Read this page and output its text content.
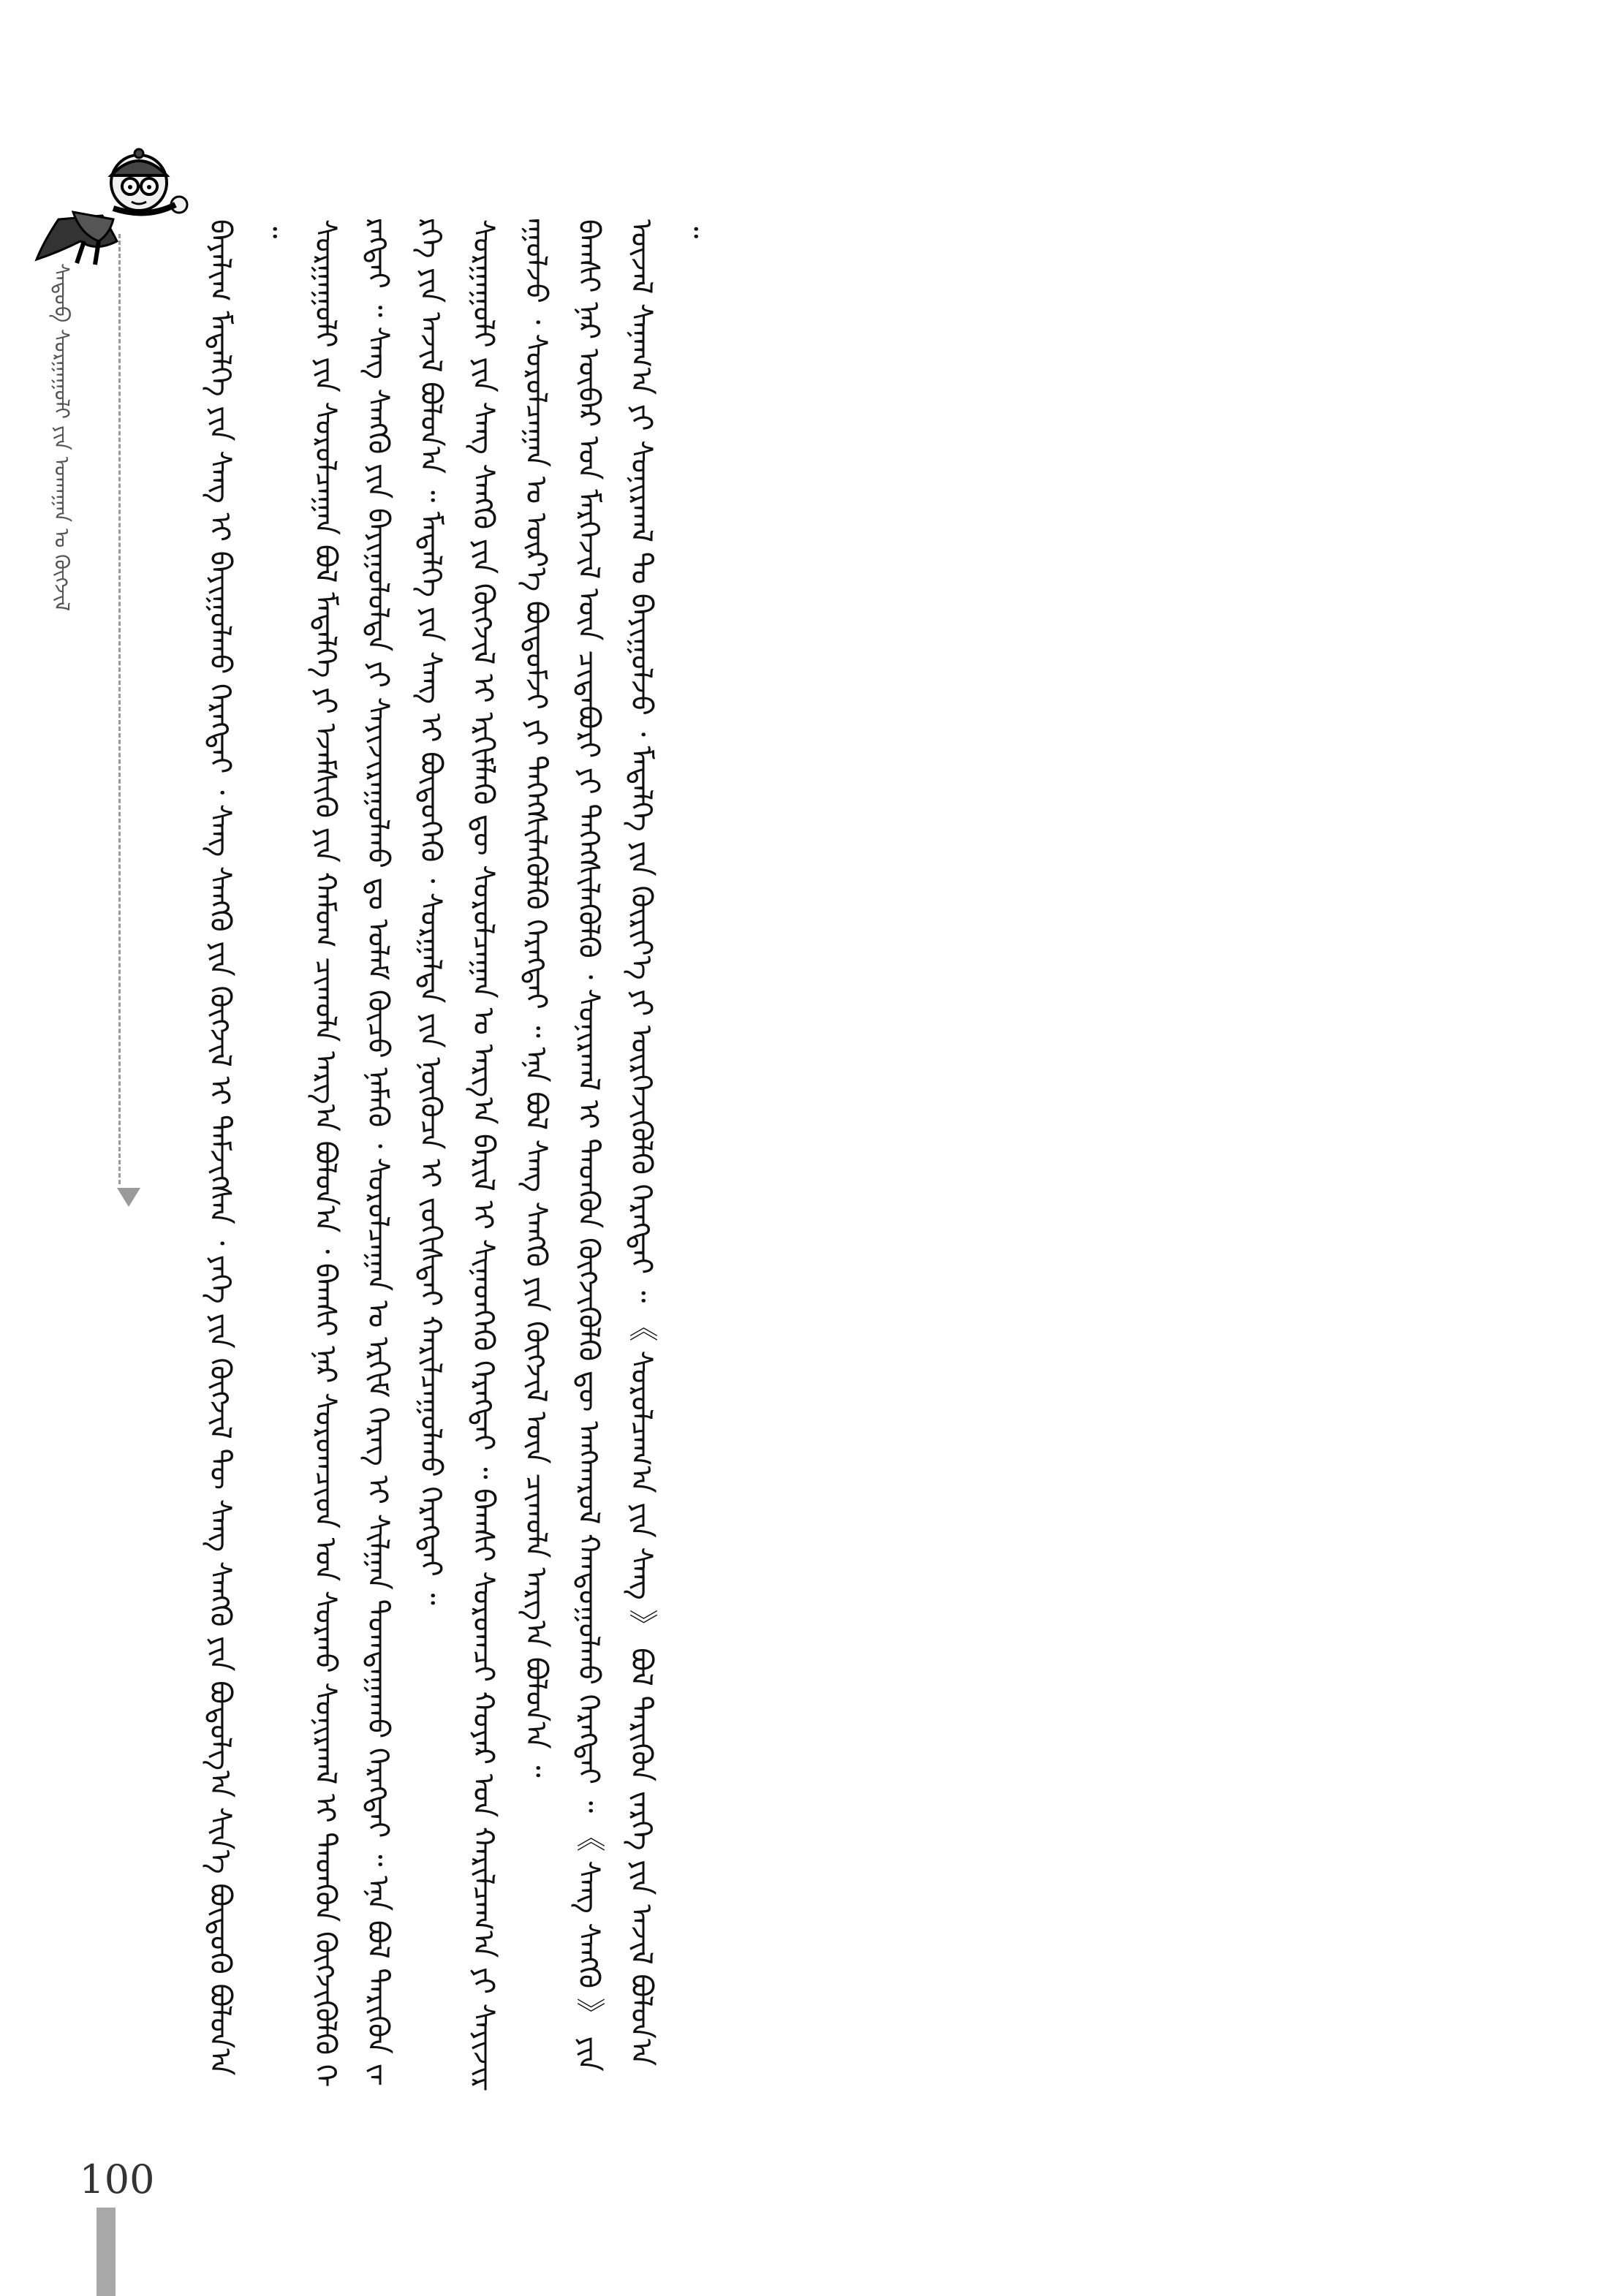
100
ᠰᠡᠳᠦᠪ ᠰᠤᠷᠭᠠᠭᠤᠯᠢ ᠶᠢᠨ ᠤᠬᠠᠭᠠᠨ ᠤ ᠬᠥᠭᠵᠢᠯ	ᠪᠠᠶᠠᠯᠢᠭ ᠮᠡᠳᠡᠯᠭᠡ ᠶᠢᠨ ᠰᠠᠩ ᠢ ᠪᠠᠶᠢᠭᠤᠯᠬᠤ ᠬᠡᠷᠡᠭᠲᠡᠢ ᠂ ᠰᠠᠩ ᠰᠠᠩᠬᠦ ᠶᠢᠨ ᠬᠥᠭᠵᠢᠯ ᠢ ᠳᠡᠮᠵᠢᠭᠰᠡᠨ ᠂ ᠶᠡᠬᠡ ᠶᠢᠨ ᠬᠥᠭᠵᠢᠯ ᠲᠦ ᠰᠠᠩ ᠰᠠᠩᠬᠦ ᠶᠢᠨ ᠪᠤᠳᠤᠯᠭ᠎ᠠ ᠰᠢᠨ᠎ᠡ ᠪᠦᠲᠦᠬᠦ ᠪᠣᠯᠤᠨ᠎ᠠ ᠃ ᠰᠤᠷᠭᠠᠭᠤᠯᠢ ᠶᠢᠨ ᠰᠤᠷᠤᠯᠴᠠᠭᠠᠨ ᠪᠣᠯ ᠮᠡᠳᠡᠯᠭᠡ ᠶᠢ ᠡᠵᠡᠮᠰᠢᠬᠦ ᠶᠢᠨ ᠬᠠᠮᠤᠭ ᠴᠢᠬᠤᠯᠠ ᠠᠷᠭ᠎ᠠ ᠪᠣᠯᠤᠨ᠎ᠠ ᠂ ᠪᠠᠭᠰᠢ ᠨᠠᠷ ᠰᠤᠷᠤᠭᠴᠢᠳ ᠤᠨ ᠰᠤᠷᠬᠤ ᠰᠣᠨᠢᠷᠬᠠᠯ ᠢ ᠲᠡᠳᠭᠦᠨ ᠬᠥᠭᠵᠢᠭᠦᠯᠬᠦ ᠬᠡᠷᠡᠭᠲᠡᠢ ᠃ ᠰᠠᠩ ᠰᠠᠩᠬᠦ ᠶᠢᠨ ᠪᠠᠶᠢᠭᠤᠯᠤᠯᠲᠠ ᠶᠢ ᠰᠠᠶᠢᠵᠢᠷᠠᠭᠤᠯᠬᠤ ᠳᠤ ᠤᠯᠠᠮ ᠬᠦᠴᠦ ᠨᠡᠮᠡᠬᠦ ᠂ ᠰᠤᠷᠤᠯᠴᠠᠭᠠᠨ ᠤ ᠡᠷᠬᠢᠮ ᠬᠡᠷᠡᠭ ᠢ ᠰᠢᠯᠭᠠᠨ ᠲᠣᠭᠲᠠᠭᠠᠬᠤ ᠬᠡᠷᠡᠭᠲᠡᠢ ᠃ ᠡᠨᠡ ᠪᠣᠯ ᠲᠡᠷᠢᠭᠦᠨ ᠵᠡᠷᠭᠡ ᠶᠢᠨ ᠠᠵᠢᠯ ᠪᠣᠯᠤᠨ᠎ᠠ ᠃ ᠮᠡᠳᠡᠯᠭᠡ ᠶᠢᠨ ᠰᠠᠩ ᠢ ᠪᠦᠲᠦᠭᠡᠬᠦ ᠂ ᠰᠤᠷᠭᠠᠯᠲᠠ ᠶᠢᠨ ᠨᠥᠭᠦᠴᠡ ᠢ ᠵᠣᠬᠢᠰᠲᠠᠢ ᠬᠠᠷᠢᠯᠴᠠᠭᠤᠯᠬᠤ ᠬᠡᠷᠡᠭᠲᠡᠢ ᠃ ᠰᠤᠷᠭᠠᠭᠤᠯᠢ ᠶᠢᠨ ᠰᠠᠩ ᠰᠠᠩᠬᠦ ᠶᠢᠨ ᠬᠥᠭᠵᠢᠯ ᠢ ᠡᠷᠬᠢᠮᠯᠡᠬᠦ ᠳᠦ ᠰᠤᠷᠤᠯᠴᠠᠭᠠᠨ ᠤ ᠠᠷᠭ᠎ᠠ ᠪᠠᠷᠢᠯ ᠢ ᠰᠢᠨᠡᠳᠬᠡᠬᠦ ᠬᠡᠷᠡᠭᠲᠡᠢ ᠃ ᠪᠠᠭᠰᠢ ᠰᠤᠷᠤᠭᠴᠢ ᠬᠣᠶᠠᠷ ᠤᠨ ᠬᠠᠷᠢᠯᠴᠠᠭ᠎ᠠ ᠶᠢ ᠰᠠᠶᠢᠵᠢᠷᠠᠭᠤᠯᠵᠤ ᠂ ᠰᠤᠷᠤᠯᠴᠠᠭᠠᠨ ᠤ ᠦᠷ᠎ᠡ ᠪᠦᠲᠦᠮᠵᠢ ᠶᠢ ᠳᠡᠭᠡᠭᠰᠢᠯᠡᠭᠦᠯᠬᠦ ᠬᠡᠷᠡᠭᠲᠡᠢ ᠃ ᠡᠨᠡ ᠪᠣᠯ ᠰᠠᠩ ᠰᠠᠩᠬᠦ ᠶᠢᠨ ᠬᠥᠭᠵᠢᠯ ᠦᠨ ᠴᠢᠬᠤᠯᠠ ᠠᠷᠭ᠎ᠠ ᠪᠣᠯᠤᠨ᠎ᠠ ᠃ ᠪᠠᠭᠰᠢ ᠨᠠᠷ ᠦᠪᠡᠷ ᠤᠨ ᠮᠡᠷᠭᠡᠵᠢᠯ ᠦᠨ ᠴᠢᠳᠠᠪᠤᠷᠢ ᠶᠢ ᠳᠡᠭᠡᠭᠰᠢᠯᠡᠭᠦᠯᠬᠦ ᠂ ᠰᠣᠨᠢᠷᠬᠠᠯ ᠢ ᠲᠡᠳᠭᠦᠨ ᠬᠥᠭᠵᠢᠭᠦᠯᠬᠦ ᠳᠦ ᠠᠩᠬᠠᠷᠤᠯ ᠬᠠᠨᠳᠤᠭᠤᠯᠬᠤ ᠬᠡᠷᠡᠭᠲᠡᠢ ᠃ 《 ᠰᠠᠩ ᠰᠠᠩᠬᠦ 》 ᠶᠢᠨ ᠦᠵᠡᠯ ᠰᠠᠨᠠᠭ᠎ᠠ ᠶᠢ ᠰᠣᠨᠢᠷᠬᠠᠯ ᠲᠤ ᠪᠠᠶᠢᠭᠤᠯᠵᠤ ᠂ ᠮᠡᠳᠡᠯᠭᠡ ᠶᠢᠨ ᠬᠦᠷᠢᠶ᠎ᠡ ᠶᠢ ᠥᠷᠭᠡᠵᠢᠭᠦᠯᠬᠦ ᠬᠡᠷᠡᠭᠲᠡᠢ ᠃ 《 ᠰᠤᠷᠤᠯᠴᠠᠭ᠎ᠠ ᠶᠢᠨ ᠰᠠᠩ 》 ᠪᠣᠯ ᠲᠡᠷᠢᠭᠦᠨ ᠵᠡᠷᠭᠡ ᠶᠢᠨ ᠠᠵᠢᠯ ᠪᠣᠯᠤᠨ᠎ᠠ ᠃
